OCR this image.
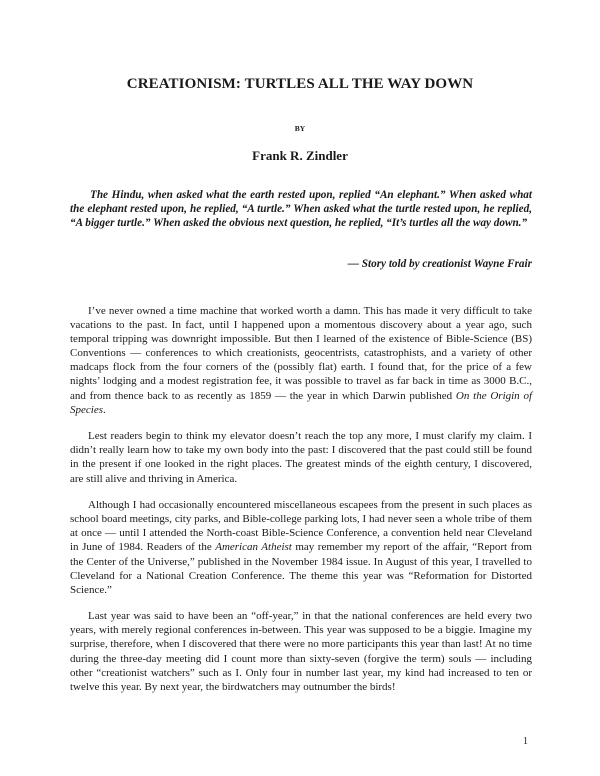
CREATIONISM: TURTLES ALL THE WAY DOWN
BY
Frank R. Zindler
The Hindu, when asked what the earth rested upon, replied “An elephant.” When asked what the elephant rested upon, he replied, “A turtle.” When asked what the turtle rested upon, he replied, “A bigger turtle.” When asked the obvious next question, he replied, “It’s turtles all the way down.”
— Story told by creationist Wayne Frair

I’ve never owned a time machine that worked worth a damn. This has made it very difficult to take vacations to the past. In fact, until I happened upon a momentous discovery about a year ago, such temporal tripping was downright impossible. But then I learned of the existence of Bible-Science (BS) Conventions — conferences to which creationists, geocentrists, catastrophists, and a variety of other madcaps flock from the four corners of the (possibly flat) earth. I found that, for the price of a few nights’ lodging and a modest registration fee, it was possible to travel as far back in time as 3000 B.C., and from thence back to as recently as 1859 — the year in which Darwin published On the Origin of Species.

Lest readers begin to think my elevator doesn’t reach the top any more, I must clarify my claim. I didn’t really learn how to take my own body into the past: I discovered that the past could still be found in the present if one looked in the right places. The greatest minds of the eighth century, I discovered, are still alive and thriving in America.

Although I had occasionally encountered miscellaneous escapees from the present in such places as school board meetings, city parks, and Bible-college parking lots, I had never seen a whole tribe of them at once — until I attended the North-coast Bible-Science Conference, a convention held near Cleveland in June of 1984. Readers of the American Atheist may remember my report of the affair, “Report from the Center of the Universe,” published in the November 1984 issue. In August of this year, I travelled to Cleveland for a National Creation Conference. The theme this year was “Reformation for Distorted Science.”

Last year was said to have been an “off-year,” in that the national conferences are held every two years, with merely regional conferences in-between. This year was supposed to be a biggie. Imagine my surprise, therefore, when I discovered that there were no more participants this year than last! At no time during the three-day meeting did I count more than sixty-seven (forgive the term) souls — including other “creationist watchers” such as I. Only four in number last year, my kind had increased to ten or twelve this year. By next year, the birdwatchers may outnumber the birds!

1
